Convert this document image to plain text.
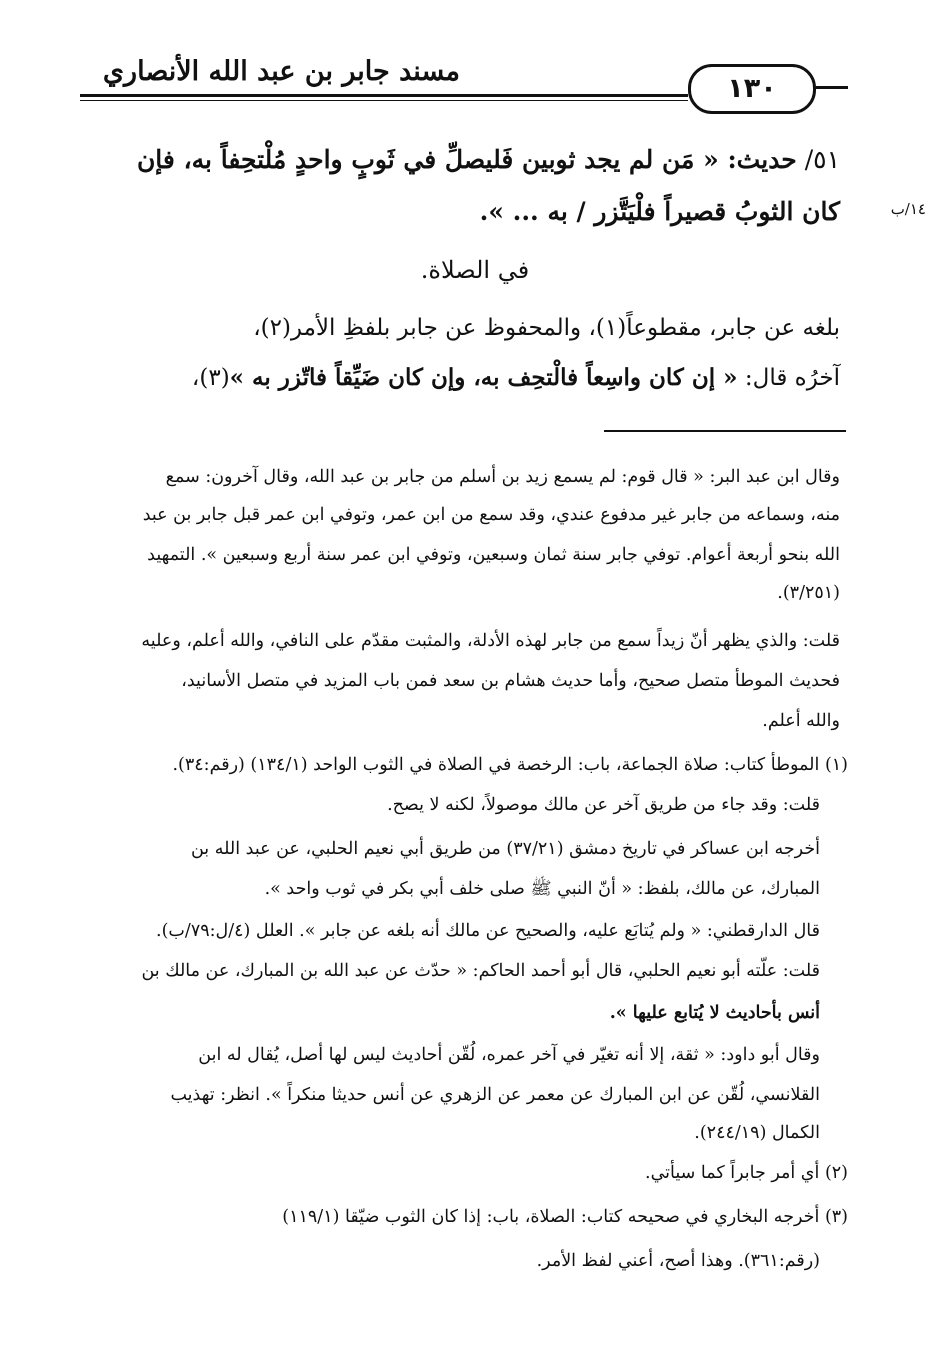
مسند جابر بن عبد الله الأنصاري
١٣٠
٥١/ حديث: « مَن لم يجد ثوبين فَليصلِّ في ثَوبٍ واحدٍ مُلْتحِفاً به، فإن
كان الثوبُ قصيراً فلْيَتَّزر / به ... ».	١٤/ب
في الصلاة.
بلغه عن جابر، مقطوعاً(١)، والمحفوظ عن جابر بلفظِ الأمر(٢)،
آخرُه قال: « إن كان واسِعاً فالْتحِف به، وإن كان ضَيِّقاً فاتّزر به »(٣)،
وقال ابن عبد البر: « قال قوم: لم يسمع زيد بن أسلم من جابر بن عبد الله، وقال آخرون: سمع
منه، وسماعه من جابر غير مدفوع عندي، وقد سمع من ابن عمر، وتوفي ابن عمر قبل جابر بن عبد
الله بنحو أربعة أعوام. توفي جابر سنة ثمان وسبعين، وتوفي ابن عمر سنة أربع وسبعين ». التمهيد
(٣/٢٥١).
قلت: والذي يظهر أنّ زيداً سمع من جابر لهذه الأدلة، والمثبت مقدّم على النافي، والله أعلم، وعليه
فحديث الموطأ متصل صحيح، وأما حديث هشام بن سعد فمن باب المزيد في متصل الأسانيد،
والله أعلم.
(١) الموطأ كتاب: صلاة الجماعة، باب: الرخصة في الصلاة في الثوب الواحد (١٣٤/١) (رقم:٣٤).
قلت: وقد جاء من طريق آخر عن مالك موصولاً، لكنه لا يصح.
أخرجه ابن عساكر في تاريخ دمشق (٣٧/٢١) من طريق أبي نعيم الحلبي، عن عبد الله بن
المبارك، عن مالك، بلفظ: « أنّ النبي ﷺ صلى خلف أبي بكر في ثوب واحد ».
قال الدارقطني: « ولم يُتابَع عليه، والصحيح عن مالك أنه بلغه عن جابر ». العلل (٤/ل:٧٩/ب).
قلت: علّته أبو نعيم الحلبي، قال أبو أحمد الحاكم: « حدّث عن عبد الله بن المبارك، عن مالك بن
أنس بأحاديث لا يُتابع عليها ».
وقال أبو داود: « ثقة، إلا أنه تغيّر في آخر عمره، لُقّن أحاديث ليس لها أصل، يُقال له ابن
القلانسي، لُقّن عن ابن المبارك عن معمر عن الزهري عن أنس حديثا منكراً ». انظر: تهذيب
الكمال (٢٤٤/١٩).
(٢) أي أمر جابراً كما سيأتي.
(٣) أخرجه البخاري في صحيحه كتاب: الصلاة، باب: إذا كان الثوب ضيّقا (١١٩/١)
(رقم:٣٦١). وهذا أصح، أعني لفظ الأمر.
